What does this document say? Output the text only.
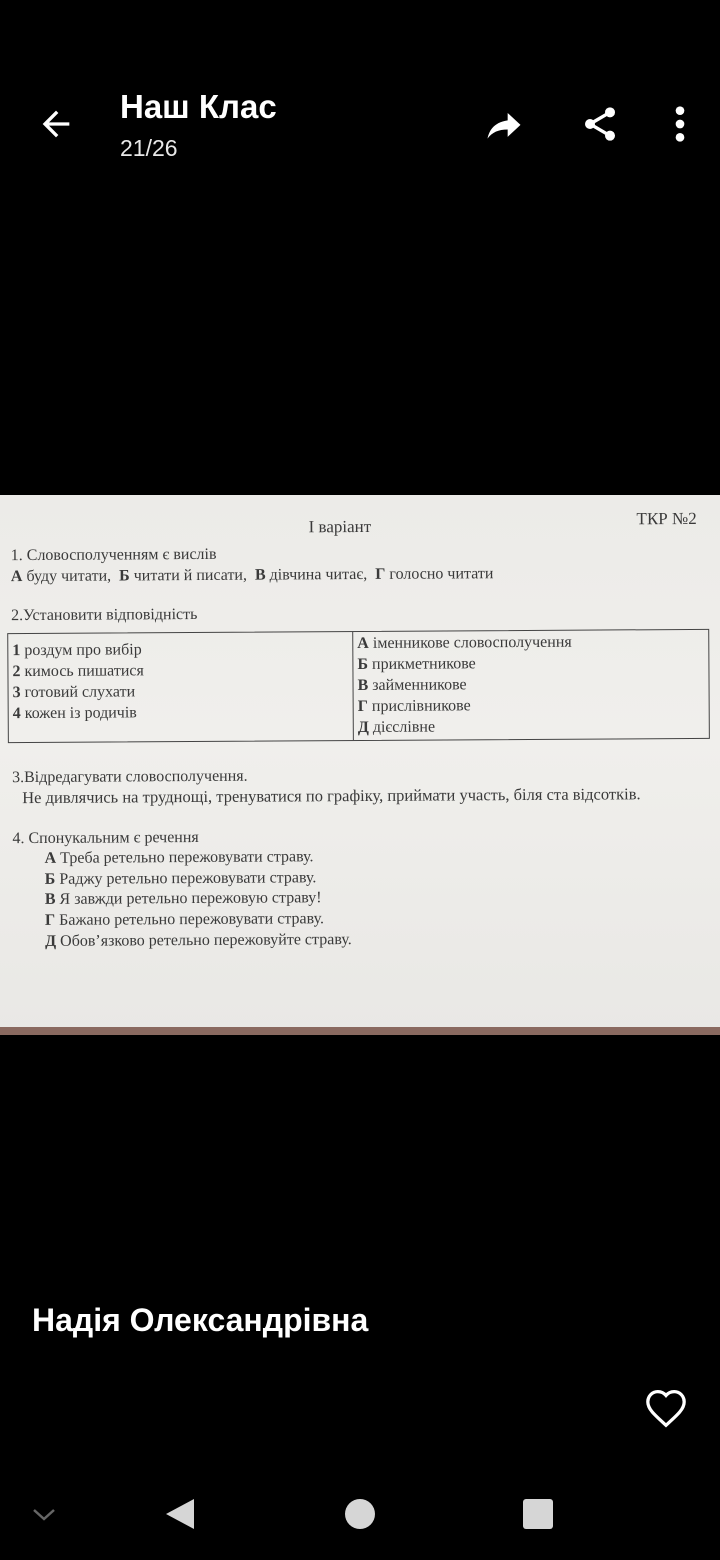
Наш Клас
21/26
І варіант	ТКР №2
1. Словосполученням є вислів
А буду читати, Б читати й писати, В дівчина читає, Г голосно читати
2.Установити відповідність
1 роздум про вибір
2 кимось пишатися
3 готовий слухати
4 кожен із родичів
А іменникове словосполучення
Б прикметникове
В займенникове
Г прислівникове
Д дієслівне
3.Відредагувати словосполучення.
Не дивлячись на труднощі, тренуватися по графіку, приймати участь, біля ста відсотків.
4. Спонукальним є речення
А Треба ретельно пережовувати страву.
Б Раджу ретельно пережовувати страву.
В Я завжди ретельно пережовую страву!
Г Бажано ретельно пережовувати страву.
Д Обов’язково ретельно пережовуйте страву.
Надія Олександрівна
